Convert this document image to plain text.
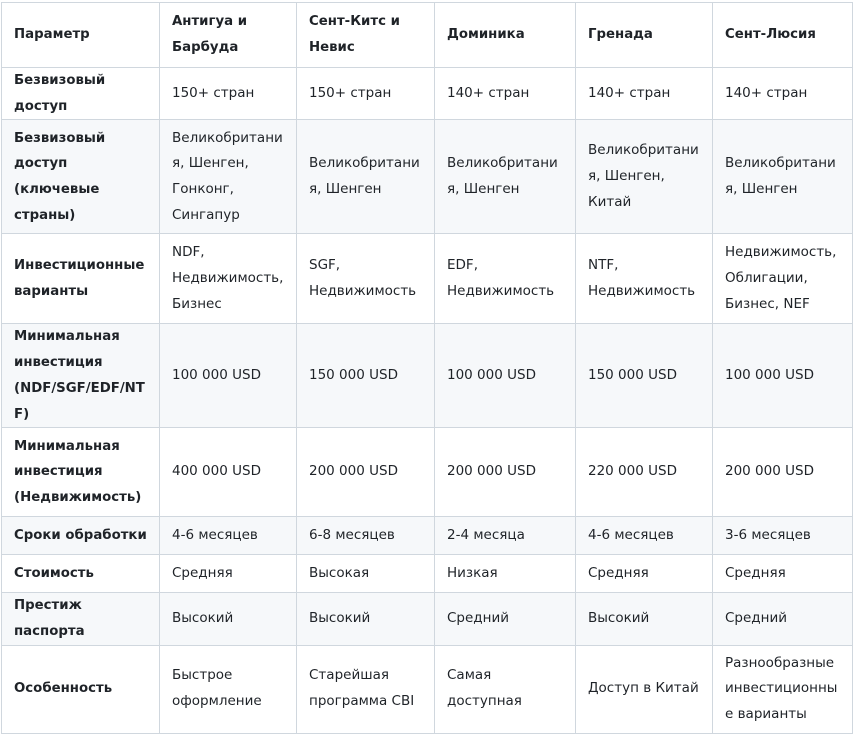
Параметр	Антигуа и Барбуда	Сент-Китс и Невис	Доминика	Гренада	Сент-Люсия
Безвизовый доступ	150+ стран	150+ стран	140+ стран	140+ стран	140+ стран
Безвизовый доступ (ключевые страны)	Великобритания, Шенген, Гонконг, Сингапур	Великобритания, Шенген	Великобритания, Шенген	Великобритания, Шенген, Китай	Великобритания, Шенген
Инвестиционные варианты	NDF, Недвижимость, Бизнес	SGF, Недвижимость	EDF, Недвижимость	NTF, Недвижимость	Недвижимость, Облигации, Бизнес, NEF
Минимальная инвестиция (NDF/SGF/EDF/NTF)	100 000 USD	150 000 USD	100 000 USD	150 000 USD	100 000 USD
Минимальная инвестиция (Недвижимость)	400 000 USD	200 000 USD	200 000 USD	220 000 USD	200 000 USD
Сроки обработки	4-6 месяцев	6-8 месяцев	2-4 месяца	4-6 месяцев	3-6 месяцев
Стоимость	Средняя	Высокая	Низкая	Средняя	Средняя
Престиж паспорта	Высокий	Высокий	Средний	Высокий	Средний
Особенность	Быстрое оформление	Старейшая программа CBI	Самая доступная	Доступ в Китай	Разнообразные инвестиционные варианты
